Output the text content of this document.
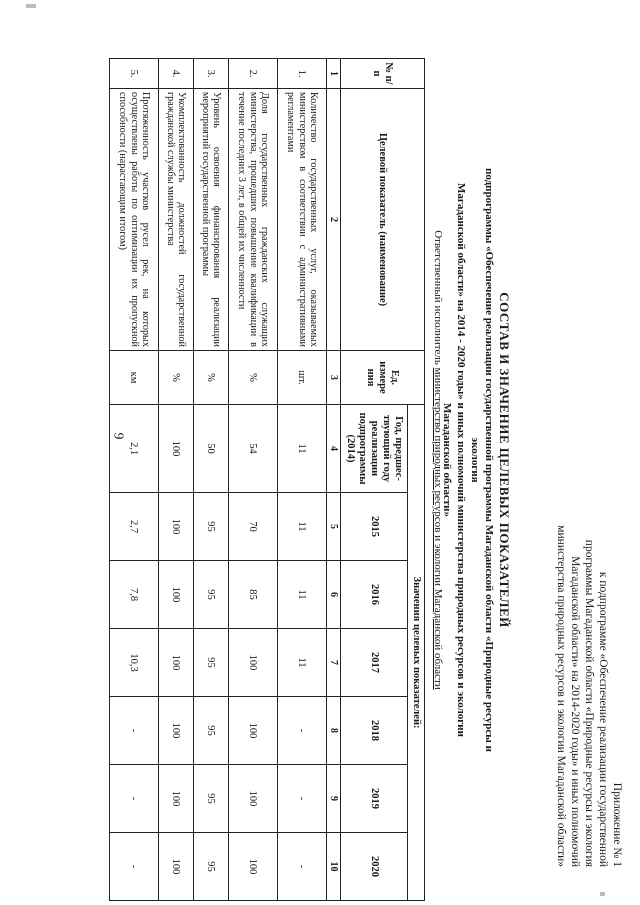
9
Приложение № 1
к подпрограмме «Обеспечение реализации государственной
программы Магаданской области «Природные ресурсы и экология
Магаданской области» на 2014-2020 годы» и иных полномочий
министерства природных ресурсов и экологии Магаданской области»
СОСТАВ И ЗНАЧЕНИЕ ЦЕЛЕВЫХ ПОКАЗАТЕЛЕЙ
подпрограммы «Обеспечение реализации государственной программы Магаданской области «Природные ресурсы и экология
Магаданской области» на 2014 - 2020 годы» и иных полномочий министерства природных ресурсов и экологии Магаданской области»
Ответственный исполнитель министерство природных ресурсов и экологии Магаданской области
№ п/п	Целевой показатель (наименование)	Ед. измере ния	Значения целевых показателей:						
			Год, предшес-твующий году реализации подпрограммы (2014)	2015	2016	2017	2018	2019	2020
1	2	3	4	5	6	7	8	9	10
1.	Количество государственных услуг, оказываемых министерством в соответствии с административными регламентами	шт.	11	11	11	11	-	-	-
2.	Доля государственных гражданских служащих министерства, прошедших повышение квалификации в течение последних 3 лет, в общей их численности	%	54	70	85	100	100	100	100
3.	Уровень освоения финансирования реализации мероприятий государственной программы	%	50	95	95	95	95	95	95
4.	Укомплектованность должностей государственной гражданской службы министерства	%	100	100	100	100	100	100	100
5.	Протяженность участков русел рек, на которых осуществлены работы по оптимизации их пропускной способности (нарастающим итогом)	км	2,1	2,7	7,8	10,3	-	-	-
